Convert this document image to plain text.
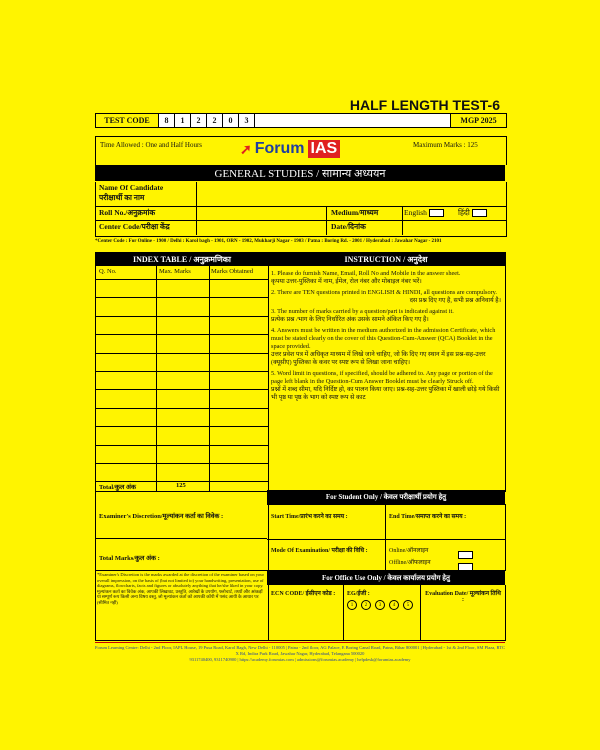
HALF LENGTH TEST-6
TEST CODE	8	1	2	2	0	3	MGP 2025
Time Allowed : One and Half Hours	Maximum Marks : 125
➚ Forum IAS
GENERAL STUDIES / सामान्य अध्ययन
Name Of Candidate
परीक्षार्थी का नाम
Roll No./अनुक्रमांक	Medium/माध्यम	English	हिंदी
Center Code/परीक्षा केंद्र	Date/दिनांक
*Center Code : For Online - 1900 / Delhi : Karol bagh - 1901, ORN - 1902, Mukharji Nagar - 1903 / Patna : Boring Rd. - 2001 / Hyderabad : Jawahar Nagar - 2101
INDEX TABLE / अनुक्रमणिका
Q. No.	Max. Marks	Marks Obtained
Total/कुल अंक	125
INSTRUCTION / अनुदेश

1. Please do furnish Name, Email, Roll No and Mobile in the answer sheet.

कृपया उत्तर-पुस्तिका में नाम, ईमेल, रोल नंबर और मोबाइल नंबर भरें।

2. There are TEN questions printed in ENGLISH & HINDI, all questions are compulsory.

दस प्रश्न दिए गए है, सभी प्रश्न अनिवार्य है।

3. The number of marks carried by a question/part is indicated against it.

प्रत्येक प्रश्न /भाग के लिए निर्धारित अंक उसके सामने अंकित किए गए है।

4. Answers must be written in the medium authorized in the admission Certificate, which must be stated clearly on the cover of this Question-Cum-Answer (QCA) Booklet in the space provided.

उत्तर प्रवेश पत्र में अधिकृत माध्यम में लिखे जाने चाहिए, जो कि दिए गए स्थान में इस प्रश्न-सह-उत्तर (क्यूसीए) पुस्तिका के कवर पर स्पष्ट रूप से लिखा जाना चाहिए।

5. Word limit in questions, if specified, should be adhered to. Any page or portion of the page left blank in the Question-Cum Answer Booklet must be clearly Struck off.

प्रश्नों में शब्द सीमा, यदि निर्दिष्ट हो, का पालन किया जाए। प्रश्न-सह-उत्तर पुस्तिका में खाली छोड़े गये किसी भी पृष्ठ या पृष्ठ के भाग को स्पष्ट रूप से काट

For Student Only / केवल परीक्षार्थी प्रयोग हेतु
Examiner's Discretion/मूल्यांकन कर्ता का विवेक :
Total Marks/कुल अंक :
*Examiner's Discretion is the marks awarded at the discretion of the examiner based on your overall impression, on the basis of (but not limited to) your handwriting, presentation, use of diagrams, flowcharts, facts and figures or absolutely anything that he/she liked in your copy.
मूल्यांकन कर्ता का विवेक अंक, आपकी लिखावट, प्रस्तुति, आरेखों के उपयोग, फ्लोचार्ट, तथ्यों और आंकड़ों या सम्पूर्ण रूप किसी अन्य विषय वस्तु, जो मूल्यांकन कर्ता को आपकी कॉपी में पसंद आयी के आधार पर (सीमित नहीं)
Start Time/प्रारंभ करने का समय :	End Time/समाप्त करने का समय :
Mode Of Examination/ परीक्षा की विधि :	Online/ऑनलाइन
Offline/ऑफलाइन
For Office Use Only / केवल कार्यालय प्रयोग हेतु
ECN CODE/ ईसीएन कोड :	EG/ईजी :
1	2	3	4	5
Evaluation Date/ मूल्यांकन तिथि :
Forum Learning Centre: Delhi - 2nd Floor, IAPL House, 19 Pusa Road, Karol Bagh, New Delhi - 110005 | Patna - 2nd floor, AG Palace, E Boring Canal Road, Patna, Bihar 800001 | Hyderabad - 1st & 2nd Floor, SM Plaza, RTC X Rd, Indira Park Road, Jawahar Nagar, Hyderabad, Telangana 500020
9311740400, 9311740900 | https://academy.forumias.com | admissions@forumias.academy | helpdesk@forumias.academy
